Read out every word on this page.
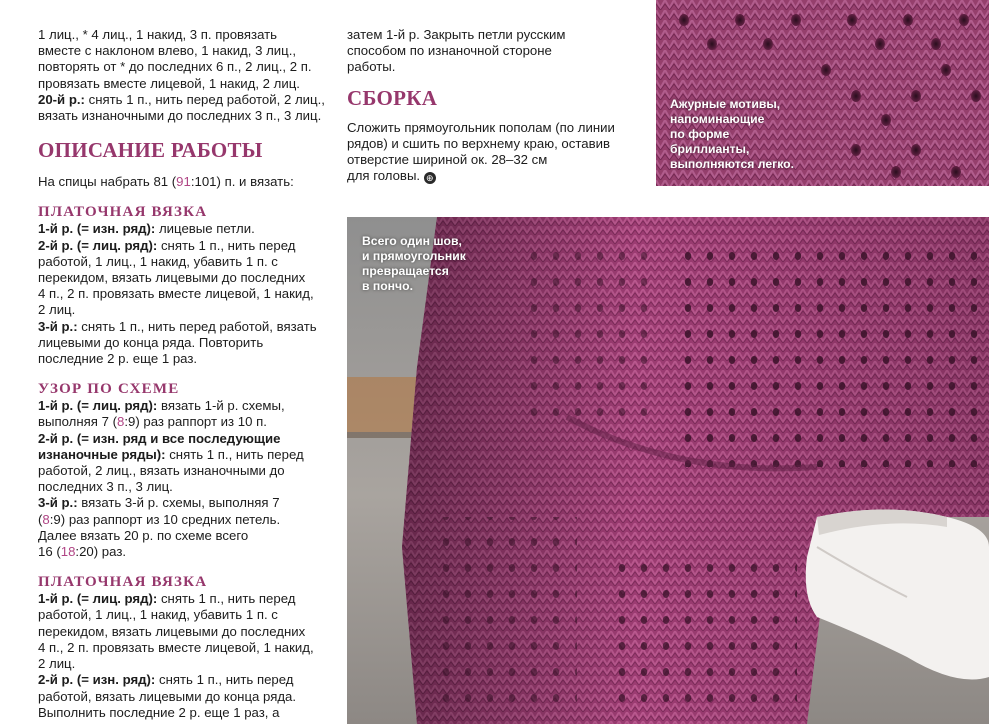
1 лиц., * 4 лиц., 1 накид, 3 п. провязать

вместе с наклоном влево, 1 накид, 3 лиц.,

повторять от * до последних 6 п., 2 лиц., 2 п.

провязать вместе лицевой, 1 накид, 2 лиц.

20-й р.: снять 1 п., нить перед работой, 2 лиц.,

вязать изнаночными до последних 3 п., 3 лиц.

ОПИСАНИЕ РАБОТЫ

На спицы набрать 81 (91:101) п. и вязать:

ПЛАТОЧНАЯ ВЯЗКА

1-й р. (= изн. ряд): лицевые петли.

2-й р. (= лиц. ряд): снять 1 п., нить перед

работой, 1 лиц., 1 накид, убавить 1 п. с

перекидом, вязать лицевыми до последних

4 п., 2 п. провязать вместе лицевой, 1 накид,

2 лиц.

3-й р.: снять 1 п., нить перед работой, вязать

лицевыми до конца ряда. Повторить

последние 2 р. еще 1 раз.

УЗОР ПО СХЕМЕ

1-й р. (= лиц. ряд): вязать 1-й р. схемы,

выполняя 7 (8:9) раз раппорт из 10 п.

2-й р. (= изн. ряд и все последующие

изнаночные ряды): снять 1 п., нить перед

работой, 2 лиц., вязать изнаночными до

последних 3 п., 3 лиц.

3-й р.: вязать 3-й р. схемы, выполняя 7

(8:9) раз раппорт из 10 средних петель.

Далее вязать 20 р. по схеме всего

16 (18:20) раз.

ПЛАТОЧНАЯ ВЯЗКА

1-й р. (= лиц. ряд): снять 1 п., нить перед

работой, 1 лиц., 1 накид, убавить 1 п. с

перекидом, вязать лицевыми до последних

4 п., 2 п. провязать вместе лицевой, 1 накид,

2 лиц.

2-й р. (= изн. ряд): снять 1 п., нить перед

работой, вязать лицевыми до конца ряда.

Выполнить последние 2 р. еще 1 раз, а

затем 1-й р. Закрыть петли русским

способом по изнаночной стороне

работы.

СБОРКА

Сложить прямоугольник пополам (по линии

рядов) и сшить по верхнему краю, оставив

отверстие шириной ок. 28–32 см

для головы. ⊕

Ажурные мотивы,
напоминающие
по форме
бриллианты,
выполняются легко.
Всего один шов,
и прямоугольник
превращается
в пончо.
